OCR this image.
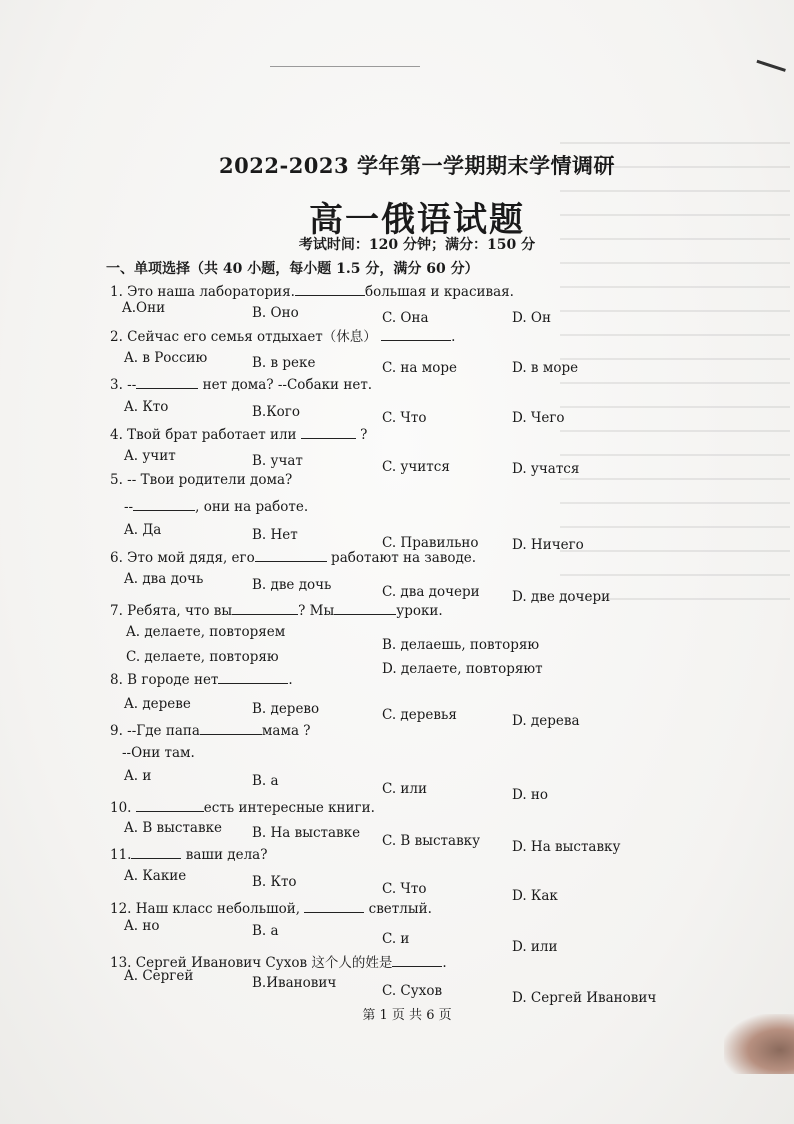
2022-2023 学年第一学期期末学情调研
高一俄语试题
考试时间：120 分钟；满分：150 分
一、单项选择（共 40 小题，每小题 1.5 分，满分 60 分）
1. Это наша лаборатория.	большая и красивая.
A.Они	B. Оно	C. Она	D. Он
2. Сейчас его семья отдыхает（休息）	.
A. в Россию	B. в реке	C. на море	D. в море
3. --	нет дома? --Собаки нет.
A. Кто	B.Кого	C. Что	D. Чего
4. Твой брат работает или	?
A. учит	B. учат	C. учится	D. учатся
5. -- Твои родители дома?
--	, они на работе.
A. Да	B. Нет	C. Правильно D. Ничего
6. Это мой дядя, его	работают на заводе.
A. два дочь	B. две дочь	C. два дочери D. две дочери
7. Ребята, что вы	? Мы	уроки.
A. делаете, повторяем
B. делаешь, повторяю
C. делаете, повторяю
D. делаете, повторяют
8. В городе нет	.
A. дереве	B. дерево	C. деревья	D. дерева
9. --Где папа	мама ?
--Они там.
A. и	B. а	C. или	D. но
10.	есть интересные книги.
A. В выставке B. На выставке C. В выставку D. На выставку
11.	ваши дела?
A. Какие	B. Кто	C. Что	D. Как
12. Наш класс небольшой,	светлый.
A. но	B. а	C. и	D. или
13. Сергей Иванович Сухов 这个人的姓是	.
A. Сергей	B.Иванович	C. Сухов	D. Сергей Иванович
第 1 页 共 6 页
